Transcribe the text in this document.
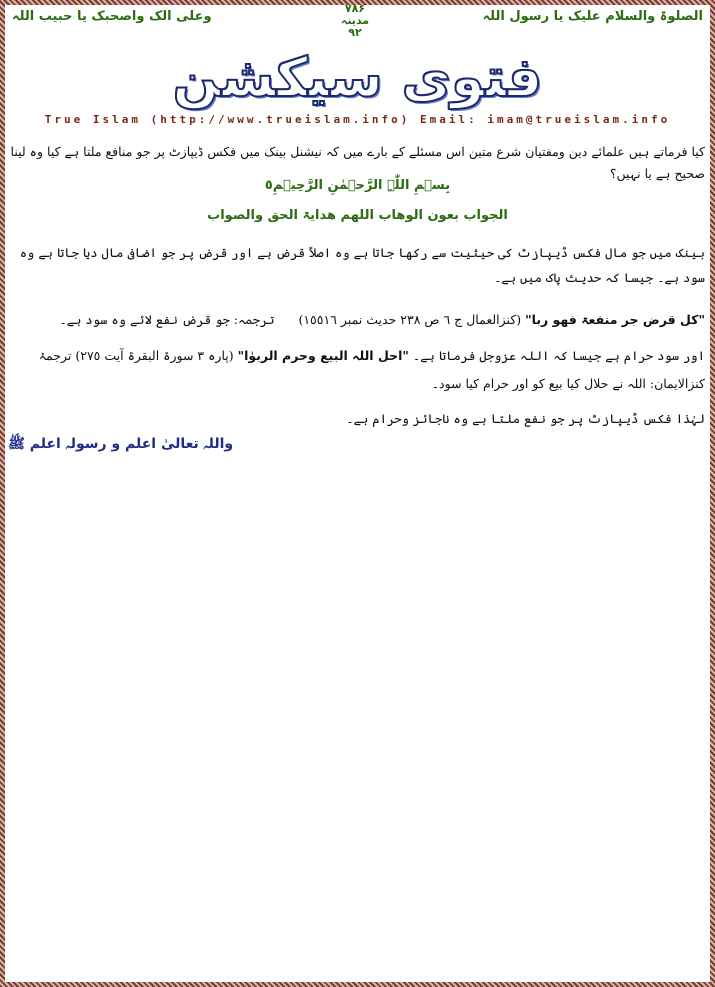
الصلوۃ والسلام علیک یا رسول اللہ
۷۸۶
مدینہ
۹۲
وعلی الک واصحبک یا حبیب اللہ
فتوی سیکشن
True Islam (http://www.trueislam.info) Email: imam@trueislam.info
کیا فرماتے ہیں علمائے دین ومفتیان شرع متین اس مسئلے کے بارے میں کہ نیشنل بینک میں فکس ڈیپازٹ پر جو منافع ملتا ہے کیا وہ لینا صحیح ہے یا نہیں؟
بِسۡمِ اللّٰہِ الرَّحۡمٰنِ الرَّحِیۡمِ٥
الجواب بعون الوھاب اللھم ھدایۃ الحق والصواب
بینک میں جو مال فکس ڈیپازٹ کی حیثیت سے رکھا جاتا ہے وہ اصلاً قرض ہے اور قرض پر جو اضافی مال دیا جاتا ہے وہ سود ہے۔ جیسا کہ حدیث پاک میں ہے۔
"کل قرض جر منفعۃ فھو ربا" (کنزالعمال ج ٦ ص ٢٣٨ حدیث نمبر ١٥٥١٦)      ترجمہ: جو قرض نفع لائے وہ سود ہے۔
اور سود حرام ہے جیسا کہ اللہ عزوجل فرماتا ہے۔ "احل اللہ البیع وحرم الربوٰا" (پارہ ٣ سورۃ البقرۃ آیت ٢٧٥) ترجمۂ کنزالایمان: اللہ نے حلال کیا بیع کو اور حرام کیا سود۔
لہٰذا فکس ڈیپازٹ پر جو نفع ملتا ہے وہ ناجائز وحرام ہے۔
واللہ تعالیٰ اعلم و رسولہ اعلم ﷺ
